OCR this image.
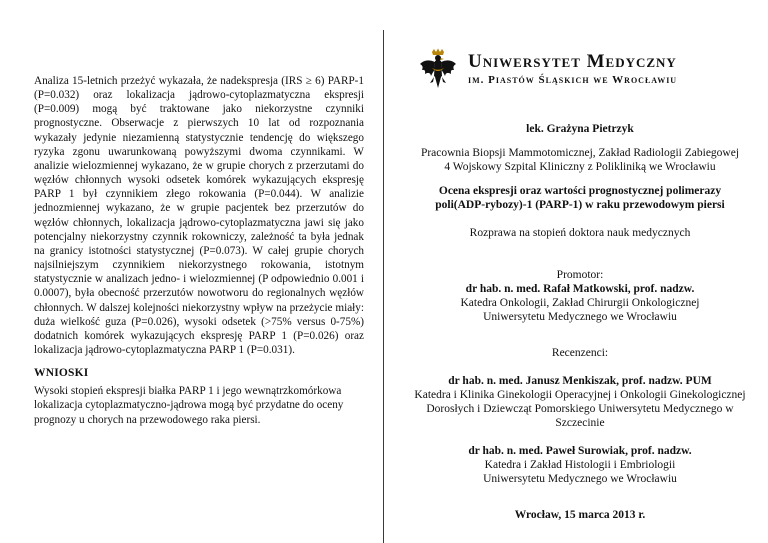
Analiza 15-letnich przeżyć wykazała, że nadekspresja (IRS ≥ 6) PARP-1 (P=0.032) oraz lokalizacja jądrowo-cytoplazmatyczna ekspresji (P=0.009) mogą być traktowane jako niekorzystne czynniki prognostyczne. Obserwacje z pierwszych 10 lat od rozpoznania wykazały jedynie niezamienną statystycznie tendencję do większego ryzyka zgonu uwarunkowaną powyższymi dwoma czynnikami. W analizie wielozmiennej wykazano, że w grupie chorych z przerzutami do węzłów chłonnych wysoki odsetek komórek wykazujących ekspresję PARP 1 był czynnikiem złego rokowania (P=0.044). W analizie jednozmiennej wykazano, że w grupie pacjentek bez przerzutów do węzłów chłonnych, lokalizacja jądrowo-cytoplazmatyczna jawi się jako potencjalny niekorzystny czynnik rokowniczy, zależność ta była jednak na granicy istotności statystycznej (P=0.073). W całej grupie chorych najsilniejszym czynnikiem niekorzystnego rokowania, istotnym statystycznie w analizach jedno- i wielozmiennej (P odpowiednio 0.001 i 0.0007), była obecność przerzutów nowotworu do regionalnych węzłów chłonnych. W dalszej kolejności niekorzystny wpływ na przeżycie miały: duża wielkość guza (P=0.026), wysoki odsetek (>75% versus 0-75%) dodatnich komórek wykazujących ekspresję PARP 1 (P=0.026) oraz lokalizacja jądrowo-cytoplazmatyczna PARP 1 (P=0.031).

WNIOSKI

Wysoki stopień ekspresji białka PARP 1 i jego wewnątrzkomórkowa lokalizacja cytoplazmatyczno-jądrowa mogą być przydatne do oceny prognozy u chorych na przewodowego raka piersi.

Uniwersytet Medyczny
im. Piastów Śląskich we Wrocławiu
lek. Grażyna Pietrzyk
Pracownia Biopsji Mammotomicznej, Zakład Radiologii Zabiegowej
4 Wojskowy Szpital Kliniczny z Polikliniką we Wrocławiu
Ocena ekspresji oraz wartości prognostycznej polimerazy
poli(ADP-rybozy)-1 (PARP-1) w raku przewodowym piersi
Rozprawa na stopień doktora nauk medycznych
Promotor:
dr hab. n. med. Rafał Matkowski, prof. nadzw.
Katedra Onkologii, Zakład Chirurgii Onkologicznej
Uniwersytetu Medycznego we Wrocławiu
Recenzenci:
dr hab. n. med. Janusz Menkiszak, prof. nadzw. PUM
Katedra i Klinika Ginekologii Operacyjnej i Onkologii Ginekologicznej
Dorosłych i Dziewcząt Pomorskiego Uniwersytetu Medycznego w
Szczecinie
dr hab. n. med. Paweł Surowiak, prof. nadzw.
Katedra i Zakład Histologii i Embriologii
Uniwersytetu Medycznego we Wrocławiu
Wrocław, 15 marca 2013 r.
